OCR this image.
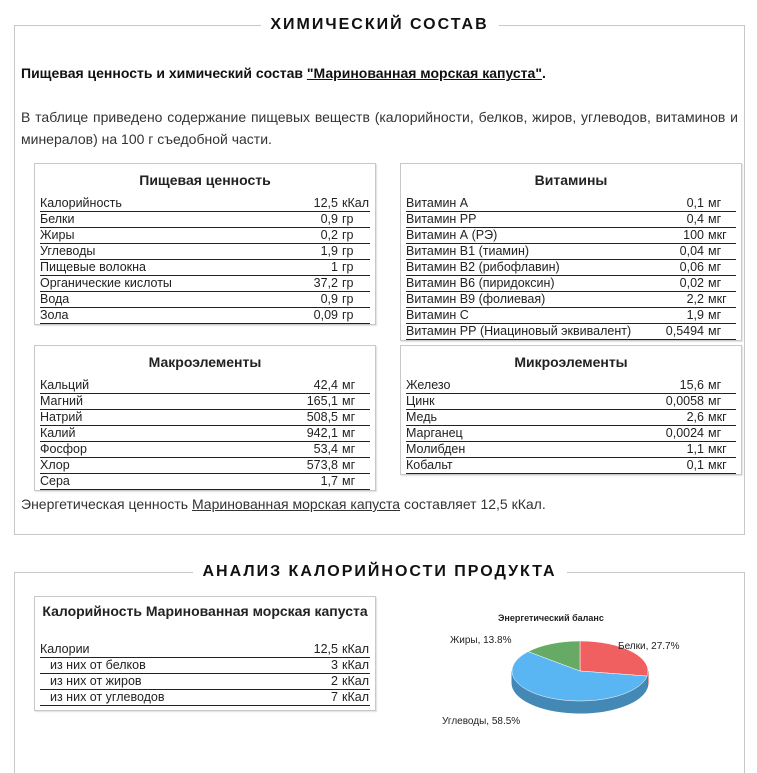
ХИМИЧЕСКИЙ СОСТАВ
Пищевая ценность и химический состав "Маринованная морская капуста".
В таблице приведено содержание пищевых веществ (калорийности, белков, жиров, углеводов, витаминов и минералов) на 100 г съедобной части.
Пищевая ценность
Калорийность	12,5 кКал
Белки	0,9 гр
Жиры	0,2 гр
Углеводы	1,9 гр
Пищевые волокна	1 гр
Органические кислоты	37,2 гр
Вода	0,9 гр
Зола	0,09 гр
Витамины
Витамин А	0,1 мг
Витамин РР	0,4 мг
Витамин А (РЭ)	100 мкг
Витамин В1 (тиамин)	0,04 мг
Витамин В2 (рибофлавин)	0,06 мг
Витамин В6 (пиридоксин)	0,02 мг
Витамин В9 (фолиевая)	2,2 мкг
Витамин С	1,9 мг
Витамин РР (Ниациновый эквивалент)	0,5494 мг
Макроэлементы
Кальций	42,4 мг
Магний	165,1 мг
Натрий	508,5 мг
Калий	942,1 мг
Фосфор	53,4 мг
Хлор	573,8 мг
Сера	1,7 мг
Микроэлементы
Железо	15,6 мг
Цинк	0,0058 мг
Медь	2,6 мкг
Марганец	0,0024 мг
Молибден	1,1 мкг
Кобальт	0,1 мкг
Энергетическая ценность Маринованная морская капуста составляет 12,5 кКал.
АНАЛИЗ КАЛОРИЙНОСТИ ПРОДУКТА
Калорийность Маринованная морская капуста
Калории	12,5 кКал
из них от белков	3 кКал
из них от жиров	2 кКал
из них от углеводов	7 кКал
Энергетический баланс
Белки, 27.7%
Жиры, 13.8%
Углеводы, 58.5%
